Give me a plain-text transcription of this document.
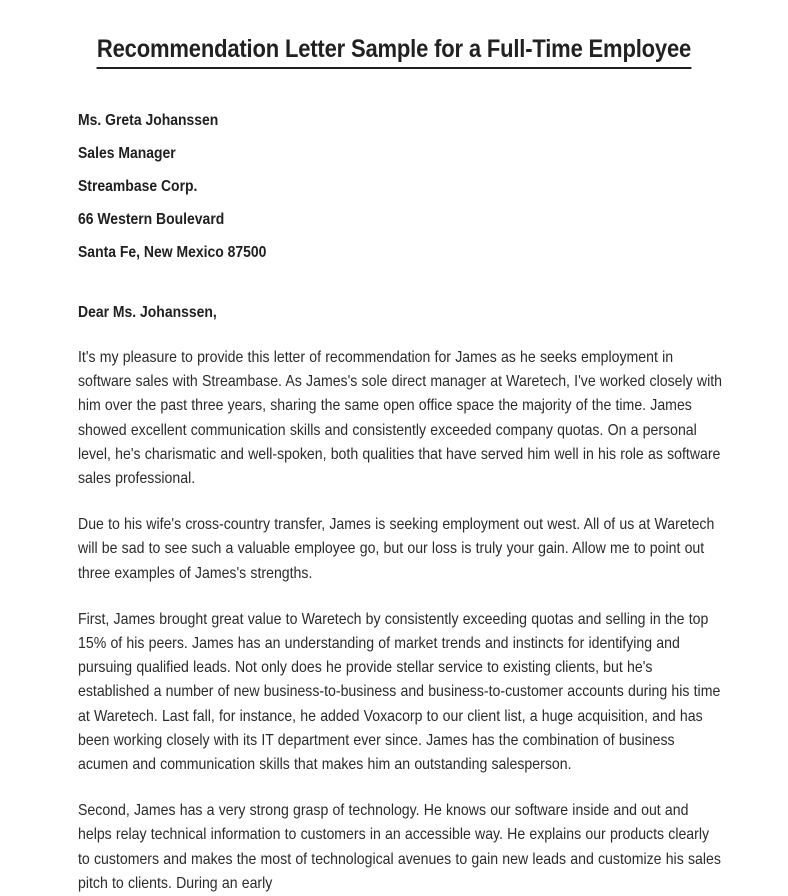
Recommendation Letter Sample for a Full-Time Employee
Ms. Greta Johanssen
Sales Manager
Streambase Corp.
66 Western Boulevard
Santa Fe, New Mexico 87500
Dear Ms. Johanssen,

It's my pleasure to provide this letter of recommendation for James as he seeks employment in software sales with Streambase. As James's sole direct manager at Waretech, I've worked closely with him over the past three years, sharing the same open office space the majority of the time. James showed excellent communication skills and consistently exceeded company quotas. On a personal level, he's charismatic and well-spoken, both qualities that have served him well in his role as software sales professional.

Due to his wife's cross-country transfer, James is seeking employment out west. All of us at Waretech will be sad to see such a valuable employee go, but our loss is truly your gain. Allow me to point out three examples of James's strengths.

First, James brought great value to Waretech by consistently exceeding quotas and selling in the top 15% of his peers. James has an understanding of market trends and instincts for identifying and pursuing qualified leads. Not only does he provide stellar service to existing clients, but he's established a number of new business-to-business and business-to-customer accounts during his time at Waretech. Last fall, for instance, he added Voxacorp to our client list, a huge acquisition, and has been working closely with its IT department ever since. James has the combination of business acumen and communication skills that makes him an outstanding salesperson.

Second, James has a very strong grasp of technology. He knows our software inside and out and helps relay technical information to customers in an accessible way. He explains our products clearly to customers and makes the most of technological avenues to gain new leads and customize his sales pitch to clients. During an early
